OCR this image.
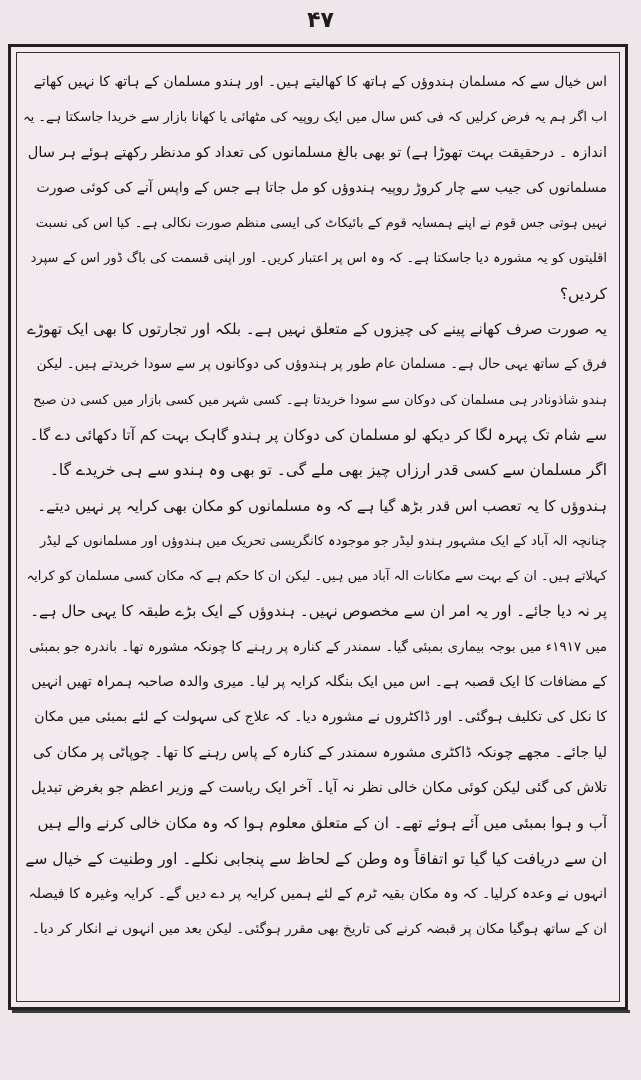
۴۷
اس خیال سے کہ مسلمان ہندوؤں کے ہاتھ کا کھالیتے ہیں۔ اور ہندو مسلمان کے ہاتھ کا نہیں کھاتے
اب اگر ہم یہ فرض کرلیں کہ فی کس سال میں ایک روپیہ کی مٹھائی یا کھانا بازار سے خریدا جاسکتا ہے۔ یہ
اندازہ ۔ درحقیقت بہت تھوڑا ہے) تو بھی بالغ مسلمانوں کی تعداد کو مدنظر رکھتے ہوئے ہر سال
مسلمانوں کی جیب سے چار کروڑ روپیہ ہندوؤں کو مل جاتا ہے جس کے واپس آنے کی کوئی صورت
نہیں ہوتی جس قوم نے اپنے ہمسایہ قوم کے بائیکاٹ کی ایسی منظم صورت نکالی ہے۔ کیا اس کی نسبت
اقلیتوں کو یہ مشورہ دیا جاسکتا ہے۔ کہ وہ اس پر اعتبار کریں۔ اور اپنی قسمت کی باگ ڈور اس کے سپرد
کردیں؟
یہ صورت صرف کھانے پینے کی چیزوں کے متعلق نہیں ہے۔ بلکہ اور تجارتوں کا بھی ایک تھوڑے
فرق کے ساتھ یہی حال ہے۔ مسلمان عام طور پر ہندوؤں کی دوکانوں پر سے سودا خریدتے ہیں۔ لیکن
ہندو شاذونادر ہی مسلمان کی دوکان سے سودا خریدتا ہے۔ کسی شہر میں کسی بازار میں کسی دن صبح
سے شام تک پہرہ لگا کر دیکھ لو مسلمان کی دوکان پر ہندو گاہک بہت کم آتا دکھائی دے گا۔
اگر مسلمان سے کسی قدر ارزاں چیز بھی ملے گی۔ تو بھی وہ ہندو سے ہی خریدے گا۔
ہندوؤں کا یہ تعصب اس قدر بڑھ گیا ہے کہ وہ مسلمانوں کو مکان بھی کرایہ پر نہیں دیتے۔
چنانچہ الہ آباد کے ایک مشہور ہندو لیڈر جو موجودہ کانگریسی تحریک میں ہندوؤں اور مسلمانوں کے لیڈر
کہلاتے ہیں۔ ان کے بہت سے مکانات الہ آباد میں ہیں۔ لیکن ان کا حکم ہے کہ مکان کسی مسلمان کو کرایہ
پر نہ دیا جائے۔ اور یہ امر ان سے مخصوص نہیں۔ ہندوؤں کے ایک بڑے طبقہ کا یہی حال ہے۔
میں ۱۹۱۷ء میں بوجہ بیماری بمبئی گیا۔ سمندر کے کنارہ پر رہنے کا چونکہ مشورہ تھا۔ باندرہ جو بمبئی
کے مضافات کا ایک قصبہ ہے۔ اس میں ایک بنگلہ کرایہ پر لیا۔ میری والدہ صاحبہ ہمراہ تھیں انہیں
کا نکل کی تکلیف ہوگئی۔ اور ڈاکٹروں نے مشورہ دیا۔ کہ علاج کی سہولت کے لئے بمبئی میں مکان
لیا جائے۔ مجھے چونکہ ڈاکٹری مشورہ سمندر کے کنارہ کے پاس رہنے کا تھا۔ چوپاٹی پر مکان کی
تلاش کی گئی لیکن کوئی مکان خالی نظر نہ آیا۔ آخر ایک ریاست کے وزیر اعظم جو بغرض تبدیل
آب و ہوا بمبئی میں آئے ہوئے تھے۔ ان کے متعلق معلوم ہوا کہ وہ مکان خالی کرنے والے ہیں
ان سے دریافت کیا گیا تو اتفاقاً وہ وطن کے لحاظ سے پنجابی نکلے۔ اور وطنیت کے خیال سے
انہوں نے وعدہ کرلیا۔ کہ وہ مکان بقیہ ٹرم کے لئے ہمیں کرایہ پر دے دیں گے۔ کرایہ وغیرہ کا فیصلہ
ان کے ساتھ ہوگیا مکان پر قبضہ کرنے کی تاریخ بھی مقرر ہوگئی۔ لیکن بعد میں انہوں نے انکار کر دیا۔
